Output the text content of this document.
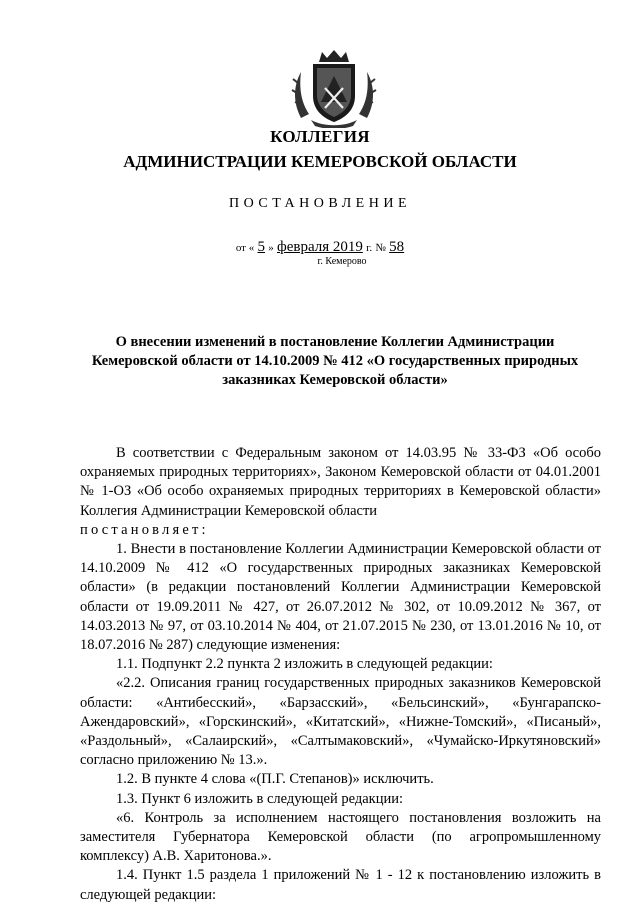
КОЛЛЕГИЯ
АДМИНИСТРАЦИИ КЕМЕРОВСКОЙ ОБЛАСТИ
ПОСТАНОВЛЕНИЕ
от « 5 » февраля 2019 г. № 58
г. Кемерово
О внесении изменений в постановление Коллегии Администрации Кемеровской области от 14.10.2009 № 412 «О государственных природных заказниках Кемеровской области»

В соответствии с Федеральным законом от 14.03.95 № 33-ФЗ «Об особо охраняемых природных территориях», Законом Кемеровской области от 04.01.2001 № 1-ОЗ «Об особо охраняемых природных территориях в Кемеровской области» Коллегия Администрации Кемеровской области
постановляет:

1. Внести в постановление Коллегии Администрации Кемеровской области от 14.10.2009 № 412 «О государственных природных заказниках Кемеровской области» (в редакции постановлений Коллегии Администрации Кемеровской области от 19.09.2011 № 427, от 26.07.2012 № 302, от 10.09.2012 № 367, от 14.03.2013 № 97, от 03.10.2014 № 404, от 21.07.2015 № 230, от 13.01.2016 № 10, от 18.07.2016 № 287) следующие изменения:

1.1. Подпункт 2.2 пункта 2 изложить в следующей редакции:

«2.2. Описания границ государственных природных заказников Кемеровской области: «Антибесский», «Барзасский», «Бельсинский», «Бунгарапско-Ажендаровский», «Горскинский», «Китатский», «Нижне-Томский», «Писаный», «Раздольный», «Салаирский», «Салтымаковский», «Чумайско-Иркутяновский» согласно приложению № 13.».

1.2. В пункте 4 слова «(П.Г. Степанов)» исключить.

1.3. Пункт 6 изложить в следующей редакции:

«6. Контроль за исполнением настоящего постановления возложить на заместителя Губернатора Кемеровской области (по агропромышленному комплексу) А.В. Харитонова.».

1.4. Пункт 1.5 раздела 1 приложений № 1 - 12 к постановлению изложить в следующей редакции:
